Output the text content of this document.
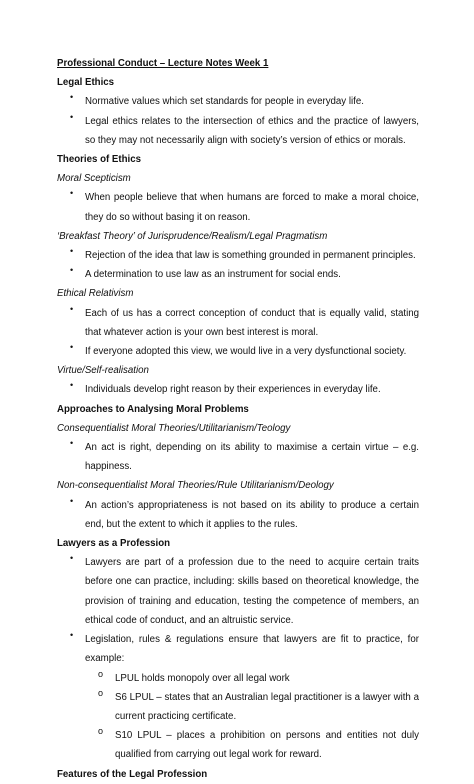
Professional Conduct – Lecture Notes Week 1
Legal Ethics
• Normative values which set standards for people in everyday life.
• Legal ethics relates to the intersection of ethics and the practice of lawyers, so they may not necessarily align with society’s version of ethics or morals.
Theories of Ethics
Moral Scepticism
• When people believe that when humans are forced to make a moral choice, they do so without basing it on reason.
‘Breakfast Theory’ of Jurisprudence/Realism/Legal Pragmatism
• Rejection of the idea that law is something grounded in permanent principles.
• A determination to use law as an instrument for social ends.
Ethical Relativism
• Each of us has a correct conception of conduct that is equally valid, stating that whatever action is your own best interest is moral.
• If everyone adopted this view, we would live in a very dysfunctional society.
Virtue/Self-realisation
• Individuals develop right reason by their experiences in everyday life.
Approaches to Analysing Moral Problems
Consequentialist Moral Theories/Utilitarianism/Teology
• An act is right, depending on its ability to maximise a certain virtue – e.g. happiness.
Non-consequentialist Moral Theories/Rule Utilitarianism/Deology
• An action’s appropriateness is not based on its ability to produce a certain end, but the extent to which it applies to the rules.
Lawyers as a Profession
• Lawyers are part of a profession due to the need to acquire certain traits before one can practice, including: skills based on theoretical knowledge, the provision of training and education, testing the competence of members, an ethical code of conduct, and an altruistic service.
• Legislation, rules & regulations ensure that lawyers are fit to practice, for example:
o LPUL holds monopoly over all legal work
o S6 LPUL – states that an Australian legal practitioner is a lawyer with a current practicing certificate.
o S10 LPUL – places a prohibition on persons and entities not duly qualified from carrying out legal work for reward.
Features of the Legal Profession
